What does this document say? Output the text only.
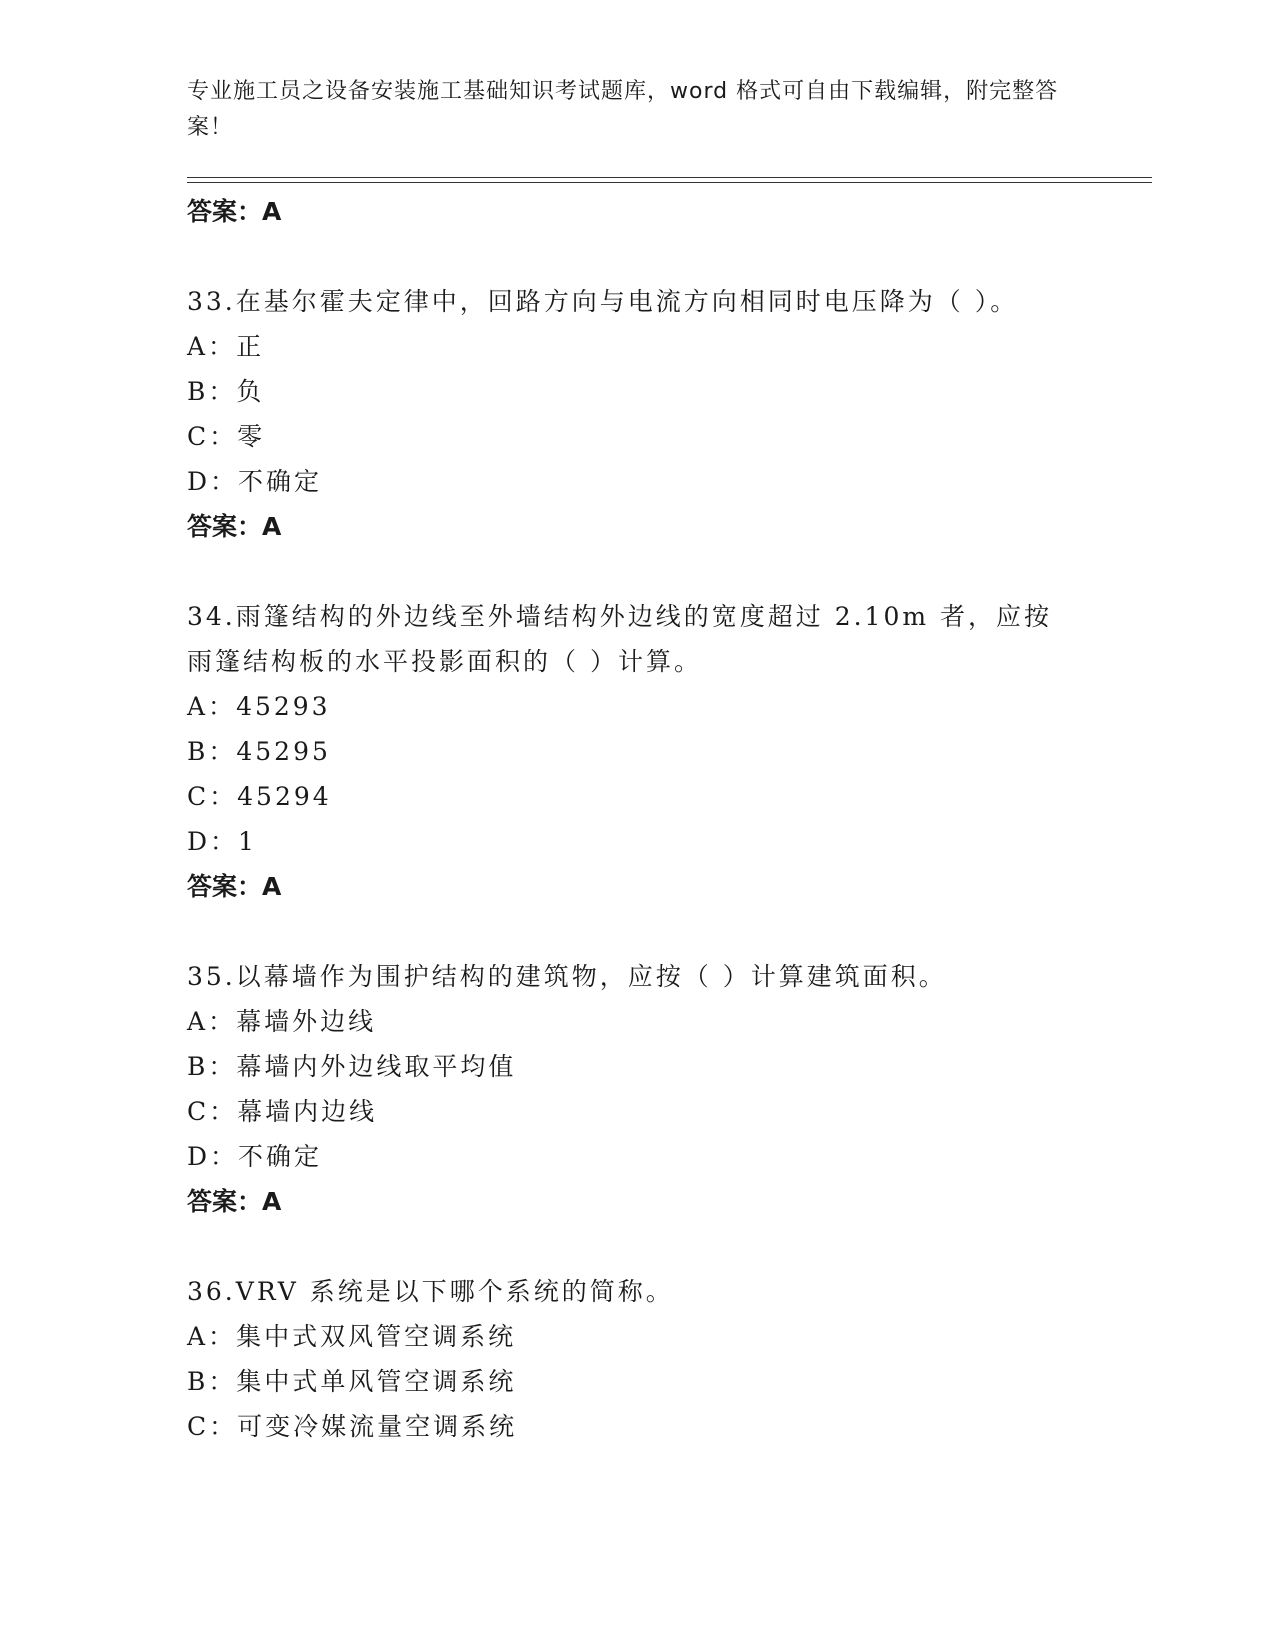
专业施工员之设备安装施工基础知识考试题库，word 格式可自由下载编辑，附完整答案！
答案：A
33.在基尔霍夫定律中，回路方向与电流方向相同时电压降为（ ）。
A：正
B：负
C：零
D：不确定
答案：A
34.雨篷结构的外边线至外墙结构外边线的宽度超过 2.10m 者，应按雨篷结构板的水平投影面积的（ ）计算。
A：45293
B：45295
C：45294
D：1
答案：A
35.以幕墙作为围护结构的建筑物，应按（ ）计算建筑面积。
A：幕墙外边线
B：幕墙内外边线取平均值
C：幕墙内边线
D：不确定
答案：A
36.VRV 系统是以下哪个系统的简称。
A：集中式双风管空调系统
B：集中式单风管空调系统
C：可变冷媒流量空调系统
